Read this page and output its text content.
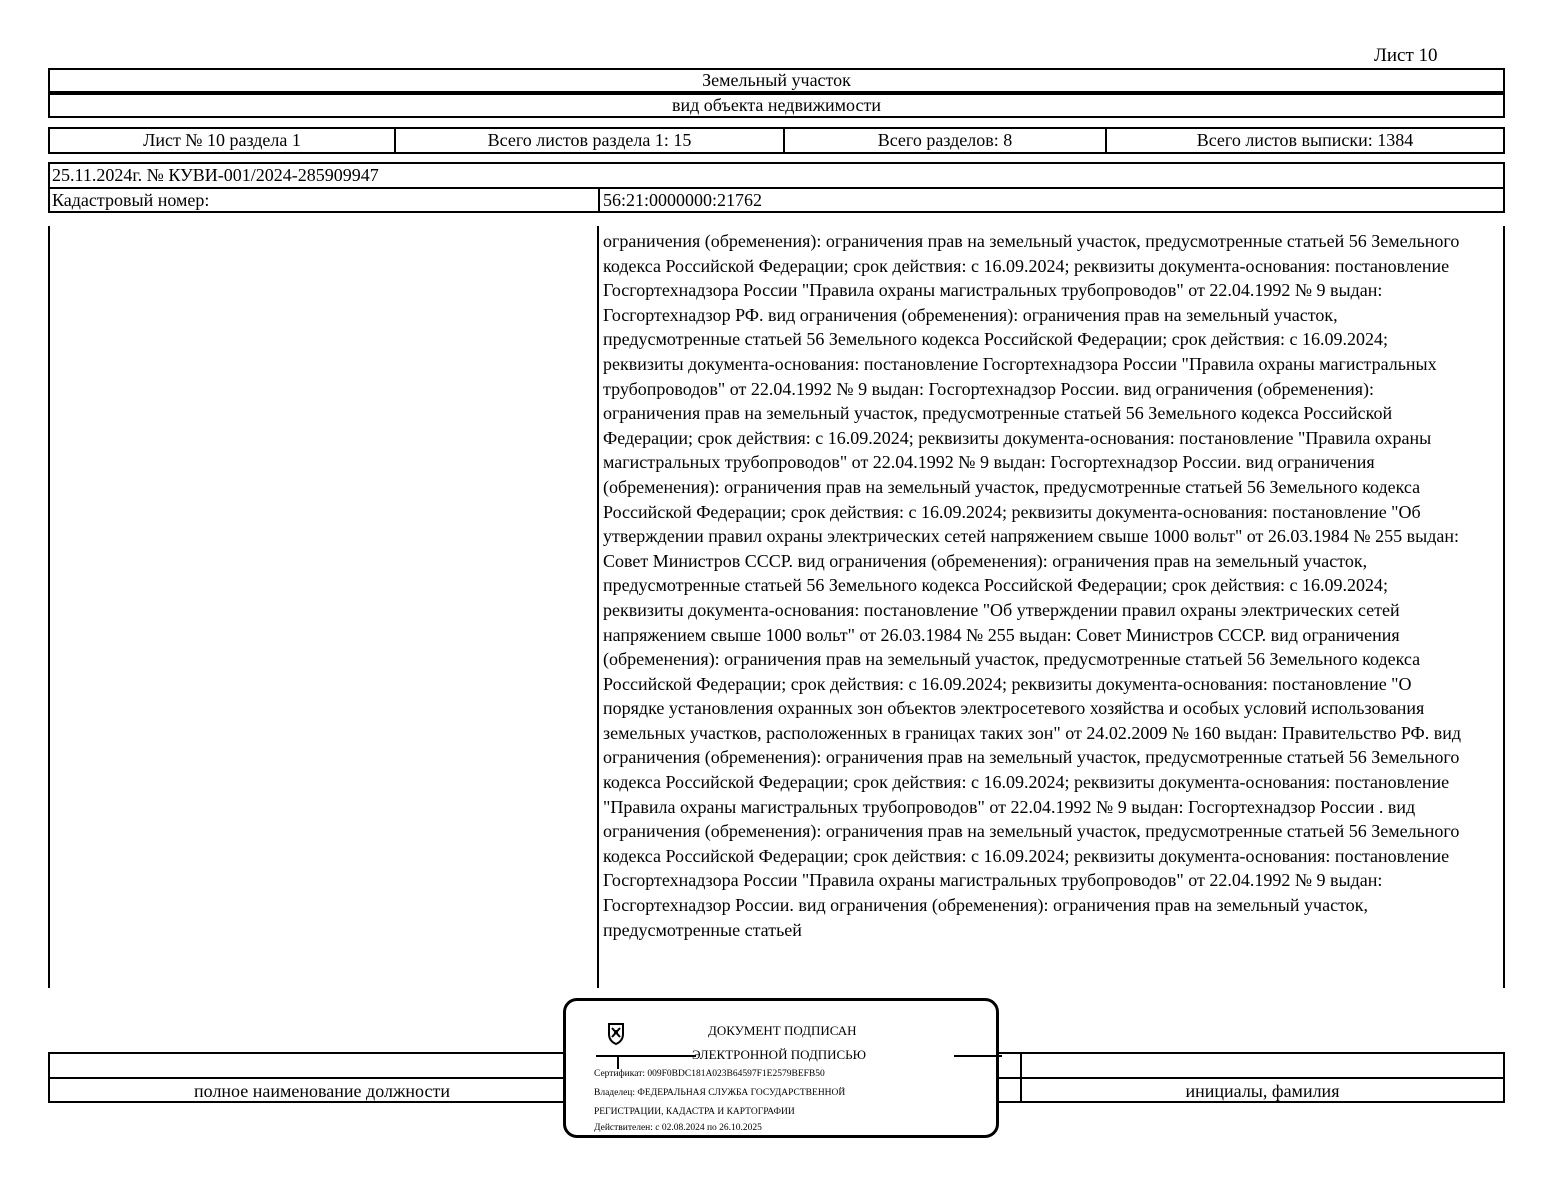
Лист 10
Земельный участок
вид объекта недвижимости
Лист № 10 раздела 1	Всего листов раздела 1: 15	Всего разделов: 8	Всего листов выписки: 1384
25.11.2024г. № КУВИ-001/2024-285909947
Кадастровый номер:	56:21:0000000:21762
ограничения (обременения): ограничения прав на земельный участок, предусмотренные статьей 56 Земельного кодекса Российской Федерации; срок действия: с 16.09.2024; реквизиты документа-основания: постановление Госгортехнадзора России "Правила охраны магистральных трубопроводов" от 22.04.1992 № 9 выдан: Госгортехнадзор РФ. вид ограничения (обременения): ограничения прав на земельный участок, предусмотренные статьей 56 Земельного кодекса Российской Федерации; срок действия: с 16.09.2024; реквизиты документа-основания: постановление Госгортехнадзора России "Правила охраны магистральных трубопроводов" от 22.04.1992 № 9 выдан: Госгортехнадзор России. вид ограничения (обременения): ограничения прав на земельный участок, предусмотренные статьей 56 Земельного кодекса Российской Федерации; срок действия: с 16.09.2024; реквизиты документа-основания: постановление "Правила охраны магистральных трубопроводов" от 22.04.1992 № 9 выдан: Госгортехнадзор России. вид ограничения (обременения): ограничения прав на земельный участок, предусмотренные статьей 56 Земельного кодекса Российской Федерации; срок действия: с 16.09.2024; реквизиты документа-основания: постановление "Об утверждении правил охраны электрических сетей напряжением свыше 1000 вольт" от 26.03.1984 № 255 выдан: Совет Министров СССР. вид ограничения (обременения): ограничения прав на земельный участок, предусмотренные статьей 56 Земельного кодекса Российской Федерации; срок действия: с 16.09.2024; реквизиты документа-основания: постановление "Об утверждении правил охраны электрических сетей напряжением свыше 1000 вольт" от 26.03.1984 № 255 выдан: Совет Министров СССР. вид ограничения (обременения): ограничения прав на земельный участок, предусмотренные статьей 56 Земельного кодекса Российской Федерации; срок действия: с 16.09.2024; реквизиты документа-основания: постановление "О порядке установления охранных зон объектов электросетевого хозяйства и особых условий использования земельных участков, расположенных в границах таких зон" от 24.02.2009 № 160 выдан: Правительство РФ. вид ограничения (обременения): ограничения прав на земельный участок, предусмотренные статьей 56 Земельного кодекса Российской Федерации; срок действия: с 16.09.2024; реквизиты документа-основания: постановление "Правила охраны магистральных трубопроводов" от 22.04.1992 № 9 выдан: Госгортехнадзор России . вид ограничения (обременения): ограничения прав на земельный участок, предусмотренные статьей 56 Земельного кодекса Российской Федерации; срок действия: с 16.09.2024; реквизиты документа-основания: постановление Госгортехнадзора России "Правила охраны магистральных трубопроводов" от 22.04.1992 № 9 выдан: Госгортехнадзор России. вид ограничения (обременения): ограничения прав на земельный участок, предусмотренные статьей
полное наименование должности	инициалы, фамилия
ДОКУМЕНТ ПОДПИСАН
ЭЛЕКТРОННОЙ ПОДПИСЬЮ
Сертификат: 009F0BDC181A023B64597F1E2579BEFB50
Владелец: ФЕДЕРАЛЬНАЯ СЛУЖБА ГОСУДАРСТВЕННОЙ
РЕГИСТРАЦИИ, КАДАСТРА И КАРТОГРАФИИ
Действителен: с 02.08.2024 по 26.10.2025
